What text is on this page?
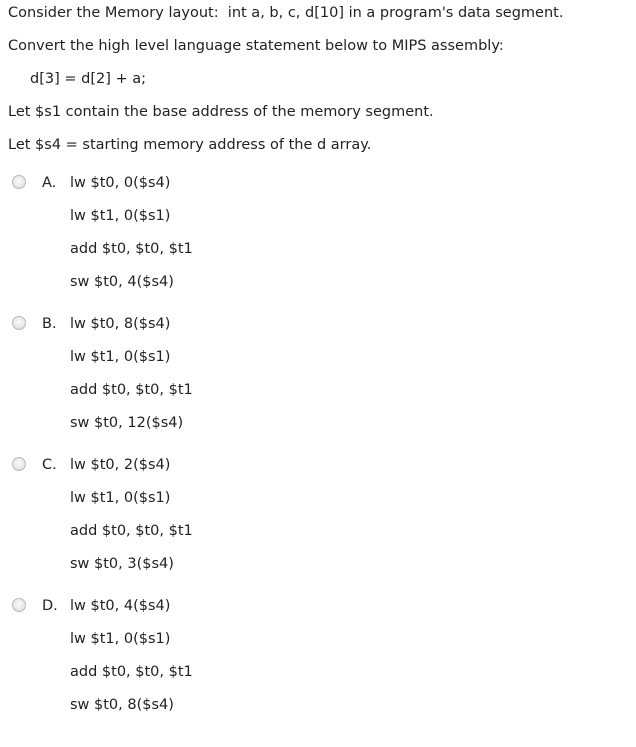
Consider the Memory layout:  int a, b, c, d[10] in a program's data segment.
Convert the high level language statement below to MIPS assembly:
d[3] = d[2] + a;
Let $s1 contain the base address of the memory segment.
Let $s4 = starting memory address of the d array.
A. lw $t0, 0($s4)
lw $t1, 0($s1)
add $t0, $t0, $t1
sw $t0, 4($s4)
B. lw $t0, 8($s4)
lw $t1, 0($s1)
add $t0, $t0, $t1
sw $t0, 12($s4)
C. lw $t0, 2($s4)
lw $t1, 0($s1)
add $t0, $t0, $t1
sw $t0, 3($s4)
D. lw $t0, 4($s4)
lw $t1, 0($s1)
add $t0, $t0, $t1
sw $t0, 8($s4)
